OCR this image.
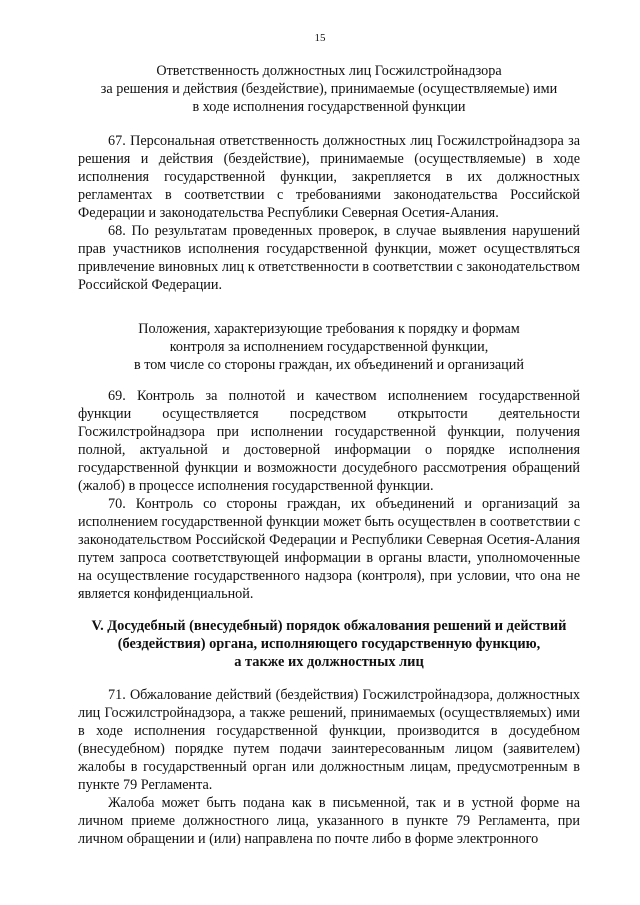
15

Ответственность должностных лиц Госжилстройнадзора
за решения и действия (бездействие), принимаемые (осуществляемые) ими
в ходе исполнения государственной функции

67. Персональная ответственность должностных лиц Госжилстройнадзора за решения и действия (бездействие), принимаемые (осуществляемые) в ходе исполнения государственной функции, закрепляется в их должностных регламентах в соответствии с требованиями законодательства Российской Федерации и законодательства Республики Северная Осетия-Алания.

68. По результатам проведенных проверок, в случае выявления нарушений прав участников исполнения государственной функции, может осуществляться привлечение виновных лиц к ответственности в соответствии с законодательством Российской Федерации.

Положения, характеризующие требования к порядку и формам
контроля за исполнением государственной функции,
в том числе со стороны граждан, их объединений и организаций

69. Контроль за полнотой и качеством исполнением государственной функции осуществляется посредством открытости деятельности Госжилстройнадзора при исполнении государственной функции, получения полной, актуальной и достоверной информации о порядке исполнения государственной функции и возможности досудебного рассмотрения обращений (жалоб) в процессе исполнения государственной функции.

70. Контроль со стороны граждан, их объединений и организаций за исполнением государственной функции может быть осуществлен в соответствии с законодательством Российской Федерации и Республики Северная Осетия-Алания путем запроса соответствующей информации в органы власти, уполномоченные на осуществление государственного надзора (контроля), при условии, что она не является конфиденциальной.

V. Досудебный (внесудебный) порядок обжалования решений и действий
(бездействия) органа, исполняющего государственную функцию,
а также их должностных лиц

71. Обжалование действий (бездействия) Госжилстройнадзора, должностных лиц Госжилстройнадзора, а также решений, принимаемых (осуществляемых) ими в ходе исполнения государственной функции, производится в досудебном (внесудебном) порядке путем подачи заинтересованным лицом (заявителем) жалобы в государственный орган или должностным лицам, предусмотренным в пункте 79 Регламента.

Жалоба может быть подана как в письменной, так и в устной форме на личном приеме должностного лица, указанного в пункте 79 Регламента, при личном обращении и (или) направлена по почте либо в форме электронного
